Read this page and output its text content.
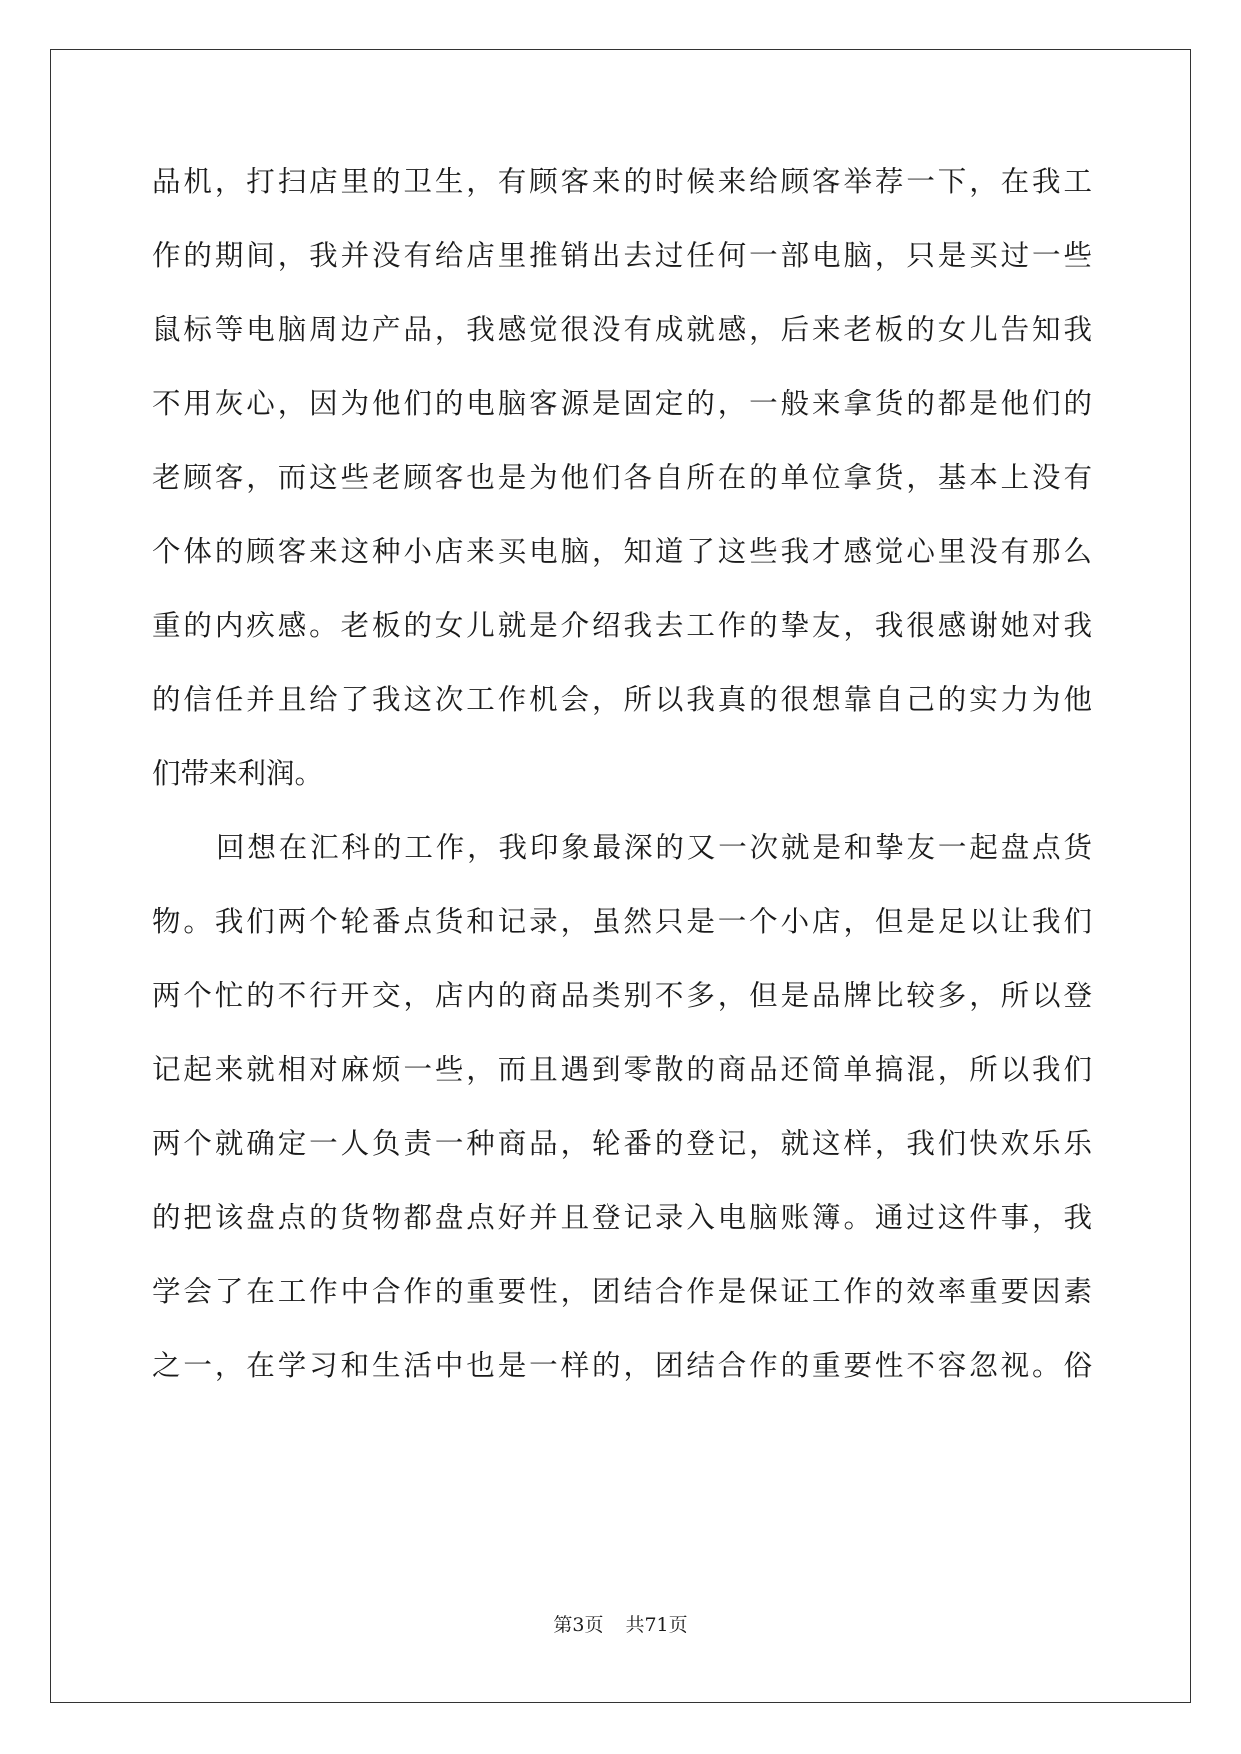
品机，打扫店里的卫生，有顾客来的时候来给顾客举荐一下，在我工
作的期间，我并没有给店里推销出去过任何一部电脑，只是买过一些
鼠标等电脑周边产品，我感觉很没有成就感，后来老板的女儿告知我
不用灰心，因为他们的电脑客源是固定的，一般来拿货的都是他们的
老顾客，而这些老顾客也是为他们各自所在的单位拿货，基本上没有
个体的顾客来这种小店来买电脑，知道了这些我才感觉心里没有那么
重的内疚感。老板的女儿就是介绍我去工作的挚友，我很感谢她对我
的信任并且给了我这次工作机会，所以我真的很想靠自己的实力为他
们带来利润。
回想在汇科的工作，我印象最深的又一次就是和挚友一起盘点货
物。我们两个轮番点货和记录，虽然只是一个小店，但是足以让我们
两个忙的不行开交，店内的商品类别不多，但是品牌比较多，所以登
记起来就相对麻烦一些，而且遇到零散的商品还简单搞混，所以我们
两个就确定一人负责一种商品，轮番的登记，就这样，我们快欢乐乐
的把该盘点的货物都盘点好并且登记录入电脑账簿。通过这件事，我
学会了在工作中合作的重要性，团结合作是保证工作的效率重要因素
之一，在学习和生活中也是一样的，团结合作的重要性不容忽视。俗
第3页 共71页
